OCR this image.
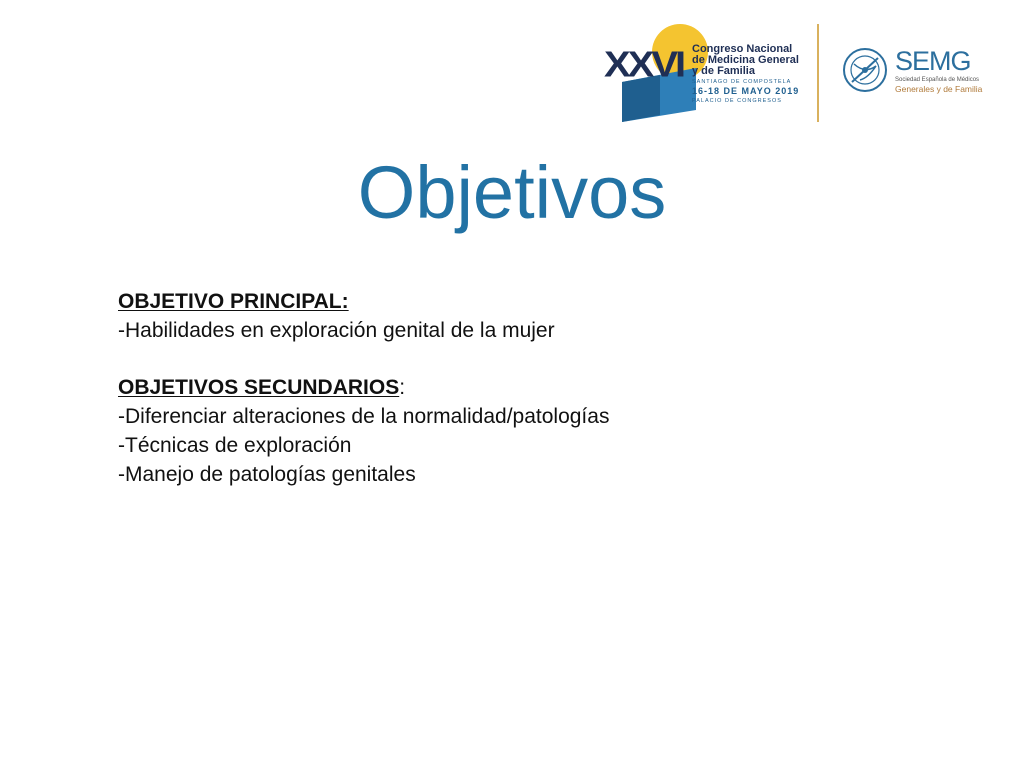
XXVI Congreso Nacional
de Medicina General
y de Familia
SANTIAGO DE COMPOSTELA
16-18 DE MAYO 2019
PALACIO DE CONGRESOS
SEMG
Sociedad Española de Médicos
Generales y de Familia
Objetivos
OBJETIVO PRINCIPAL:
-Habilidades en exploración genital de la mujer
OBJETIVOS SECUNDARIOS:
-Diferenciar alteraciones de la normalidad/patologías
-Técnicas de exploración
-Manejo de patologías genitales
